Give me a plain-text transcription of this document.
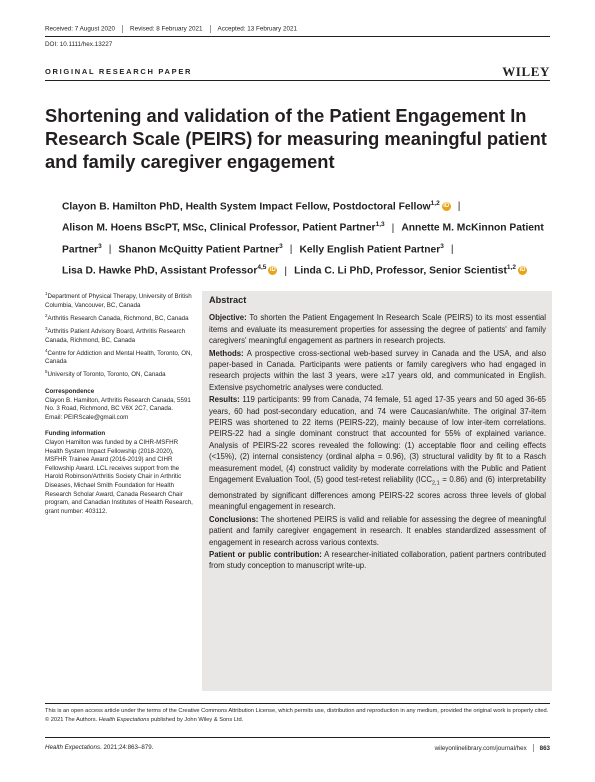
Received: 7 August 2020 Revised: 8 February 2021 Accepted: 13 February 2021
DOI: 10.1111/hex.13227
ORIGINAL RESEARCH PAPER	WILEY
Shortening and validation of the Patient Engagement In Research Scale (PEIRS) for measuring meaningful patient and family caregiver engagement
Clayon B. Hamilton PhD, Health System Impact Fellow, Postdoctoral Fellow$^{1,2}$ iD |
Alison M. Hoens BScPT, MSc, Clinical Professor, Patient Partner$^{1,3}$ | Annette M. McKinnon Patient Partner$^3$ | Shanon McQuitty Patient Partner$^3$ | Kelly English Patient Partner$^3$ |
Lisa D. Hawke PhD, Assistant Professor$^{4,5}$ iD | Linda C. Li PhD, Professor, Senior Scientist$^{1,2}$ iD
$^1$Department of Physical Therapy, University of British Columbia, Vancouver, BC, Canada
$^2$Arthritis Research Canada, Richmond, BC, Canada
$^3$Arthritis Patient Advisory Board, Arthritis Research Canada, Richmond, BC, Canada
$^4$Centre for Addiction and Mental Health, Toronto, ON, Canada
$^5$University of Toronto, Toronto, ON, Canada
Correspondence
Clayon B. Hamilton, Arthritis Research Canada, 5591 No. 3 Road, Richmond, BC V6X 2C7, Canada.
Email: PEIRScale@gmail.com
Funding information
Clayon Hamilton was funded by a CIHR-MSFHR Health System Impact Fellowship (2018-2020), MSFHR Trainee Award (2016-2019) and CIHR Fellowship Award. LCL receives support from the Harold Robinson/Arthritis Society Chair in Arthritic Diseases, Michael Smith Foundation for Health Research Scholar Award, Canada Research Chair program, and Canadian Institutes of Health Research, grant number: 403112.
Abstract

Objective: To shorten the Patient Engagement In Research Scale (PEIRS) to its most essential items and evaluate its measurement properties for assessing the degree of patients' and family caregivers' meaningful engagement as partners in research projects.

Methods: A prospective cross-sectional web-based survey in Canada and the USA, and also paper-based in Canada. Participants were patients or family caregivers who had engaged in research projects within the last 3 years, were ≥17 years old, and communicated in English. Extensive psychometric analyses were conducted.

Results: 119 participants: 99 from Canada, 74 female, 51 aged 17-35 years and 50 aged 36-65 years, 60 had post-secondary education, and 74 were Caucasian/white. The original 37-item PEIRS was shortened to 22 items (PEIRS-22), mainly because of low inter-item correlations. PEIRS-22 had a single dominant construct that accounted for 55% of explained variance. Analysis of PEIRS-22 scores revealed the following: (1) acceptable floor and ceiling effects (<15%), (2) internal consistency (ordinal alpha = 0.96), (3) structural validity by fit to a Rasch measurement model, (4) construct validity by moderate correlations with the Public and Patient Engagement Evaluation Tool, (5) good test-retest reliability $(ICC_{2,1} = 0.86)$ and (6) interpretability demonstrated by significant differences among PEIRS-22 scores across three levels of global meaningful engagement in research.

Conclusions: The shortened PEIRS is valid and reliable for assessing the degree of meaningful patient and family caregiver engagement in research. It enables standardized assessment of engagement in research across various contexts.

Patient or public contribution: A researcher-initiated collaboration, patient partners contributed from study conception to manuscript write-up.

This is an open access article under the terms of the Creative Commons Attribution License, which permits use, distribution and reproduction in any medium, provided the original work is properly cited.
© 2021 The Authors. Health Expectations published by John Wiley & Sons Ltd.
Health Expectations. 2021;24:863–879.	wileyonlinelibrary.com/journal/hex 863
